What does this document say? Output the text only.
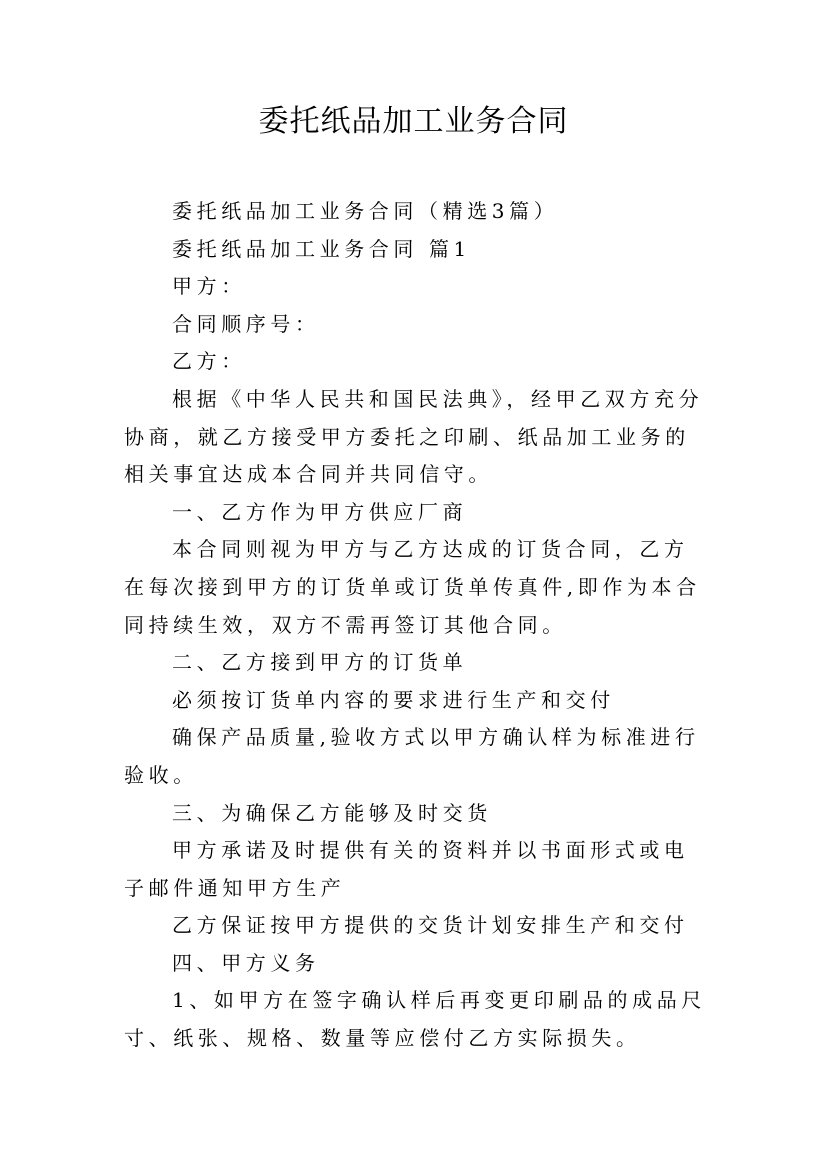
委托纸品加工业务合同

委托纸品加工业务合同（精选3篇）

委托纸品加工业务合同 篇1

甲方：

合同顺序号：

乙方：

根据《中华人民共和国民法典》，经甲乙双方充分协商，就乙方接受甲方委托之印刷、纸品加工业务的相关事宜达成本合同并共同信守。

一、乙方作为甲方供应厂商

本合同则视为甲方与乙方达成的订货合同，乙方在每次接到甲方的订货单或订货单传真件,即作为本合同持续生效，双方不需再签订其他合同。

二、乙方接到甲方的订货单

必须按订货单内容的要求进行生产和交付

确保产品质量,验收方式以甲方确认样为标准进行验收。

三、为确保乙方能够及时交货

甲方承诺及时提供有关的资料并以书面形式或电子邮件通知甲方生产

乙方保证按甲方提供的交货计划安排生产和交付

四、甲方义务

1、如甲方在签字确认样后再变更印刷品的成品尺寸、纸张、规格、数量等应偿付乙方实际损失。
